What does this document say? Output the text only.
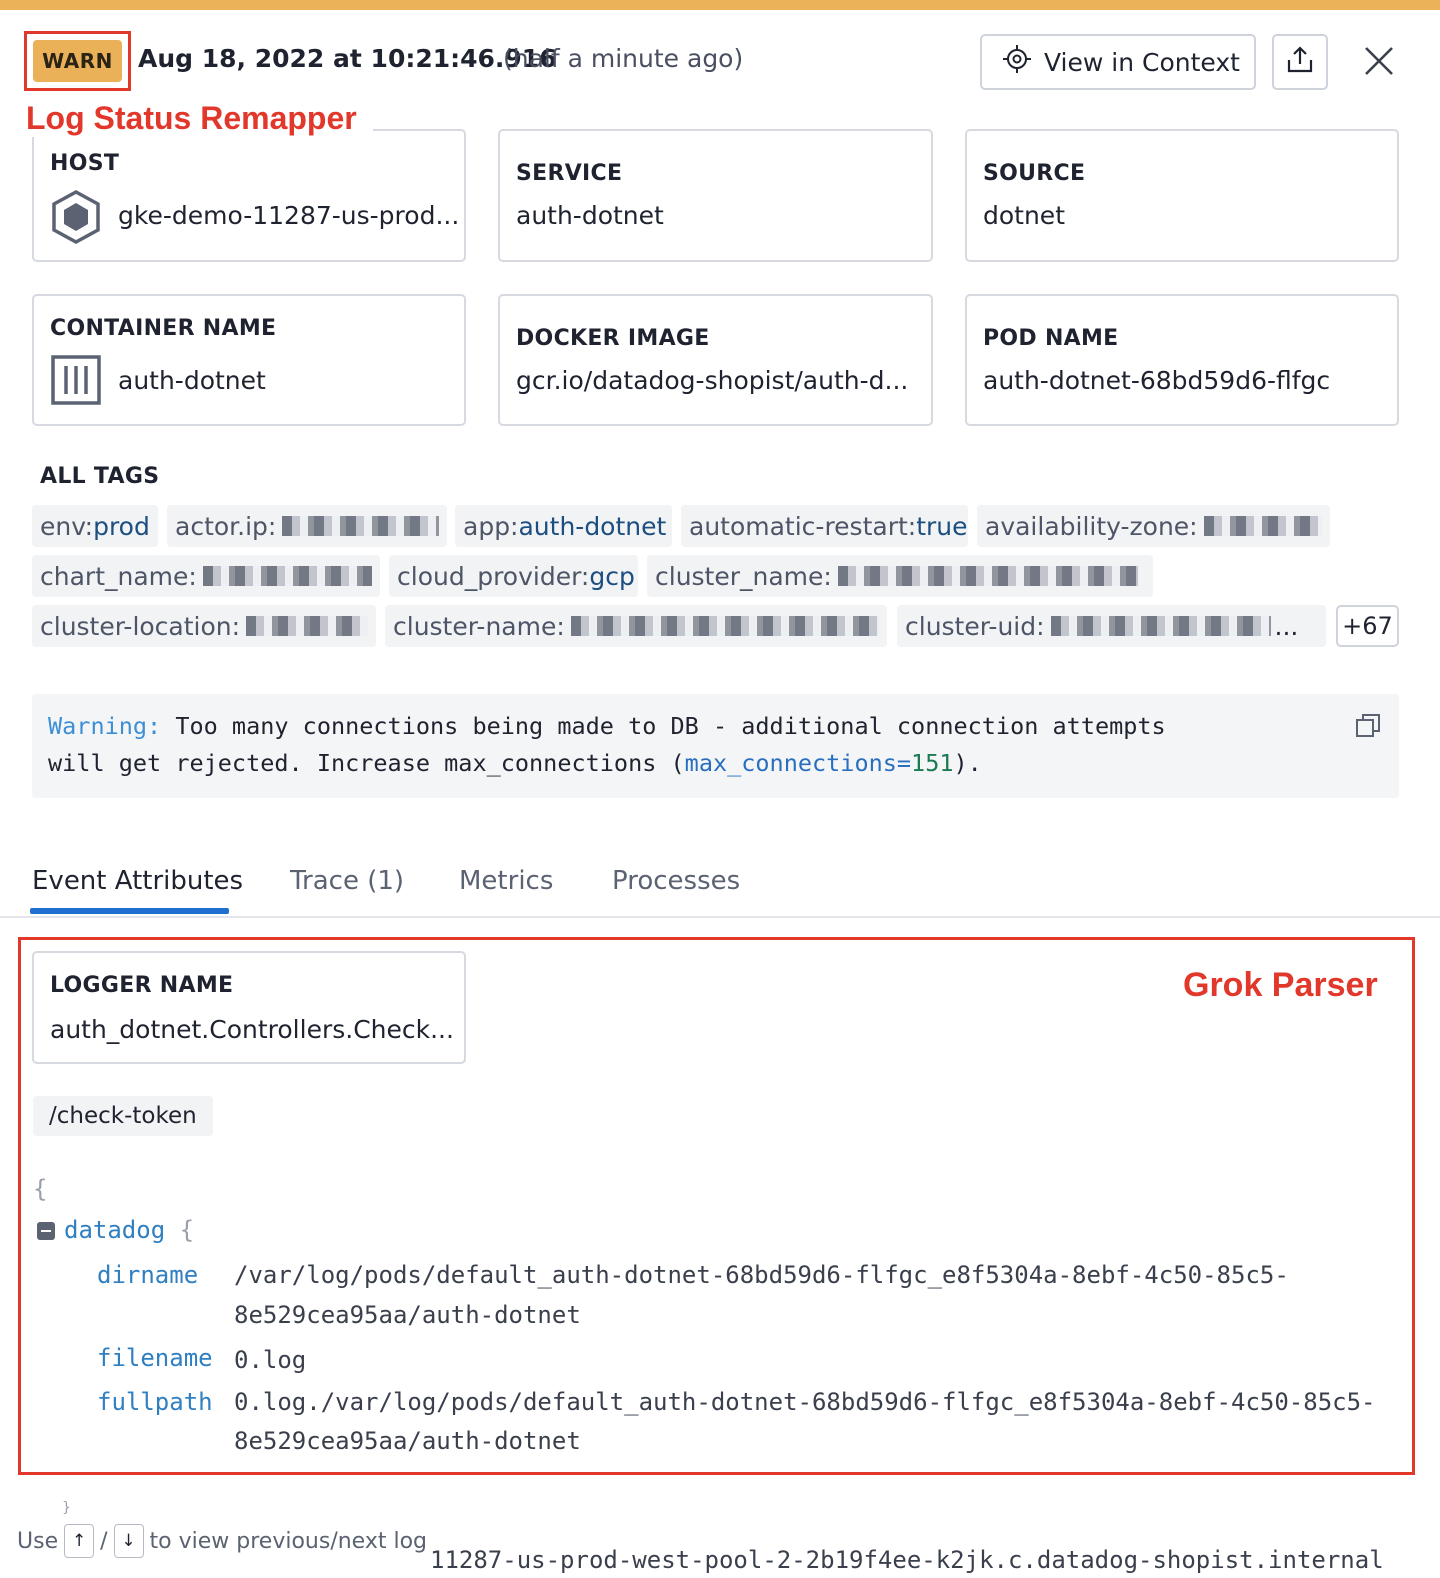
WARN	Aug 18, 2022 at 10:21:46.916
(half a minute ago)	View in Context
HOST
gke-demo-11287-us-prod...
SERVICE
auth-dotnet
SOURCE
dotnet
CONTAINER NAME
auth-dotnet
DOCKER IMAGE
gcr.io/datadog-shopist/auth-d...
POD NAME
auth-dotnet-68bd59d6-flfgc
Log Status Remapper
ALL TAGS
env: prod actor.ip:	app: auth-dotnet automatic-restart: true availability-zone:
chart_name:	cloud_provider: gcp cluster_name:
cluster-location:	cluster-name:	cluster-uid:	... +67
Warning: Too many connections being made to DB - additional connection attempts
will get rejected. Increase max_connections (max_connections=151).
Event Attributes Trace (1) Metrics Processes
Grok Parser
LOGGER NAME
auth_dotnet.Controllers.Check...
/check-token
{
datadog {
dirname /var/log/pods/default_auth-dotnet-68bd59d6-flfgc_e8f5304a-8ebf-4c50-85c5-
8e529cea95aa/auth-dotnet
filename 0.log
fullpath 0.log./var/log/pods/default_auth-dotnet-68bd59d6-flfgc_e8f5304a-8ebf-4c50-85c5-
8e529cea95aa/auth-dotnet
}
Use ↑ / ↓ to view previous/next log
11287-us-prod-west-pool-2-2b19f4ee-k2jk.c.datadog-shopist.internal
